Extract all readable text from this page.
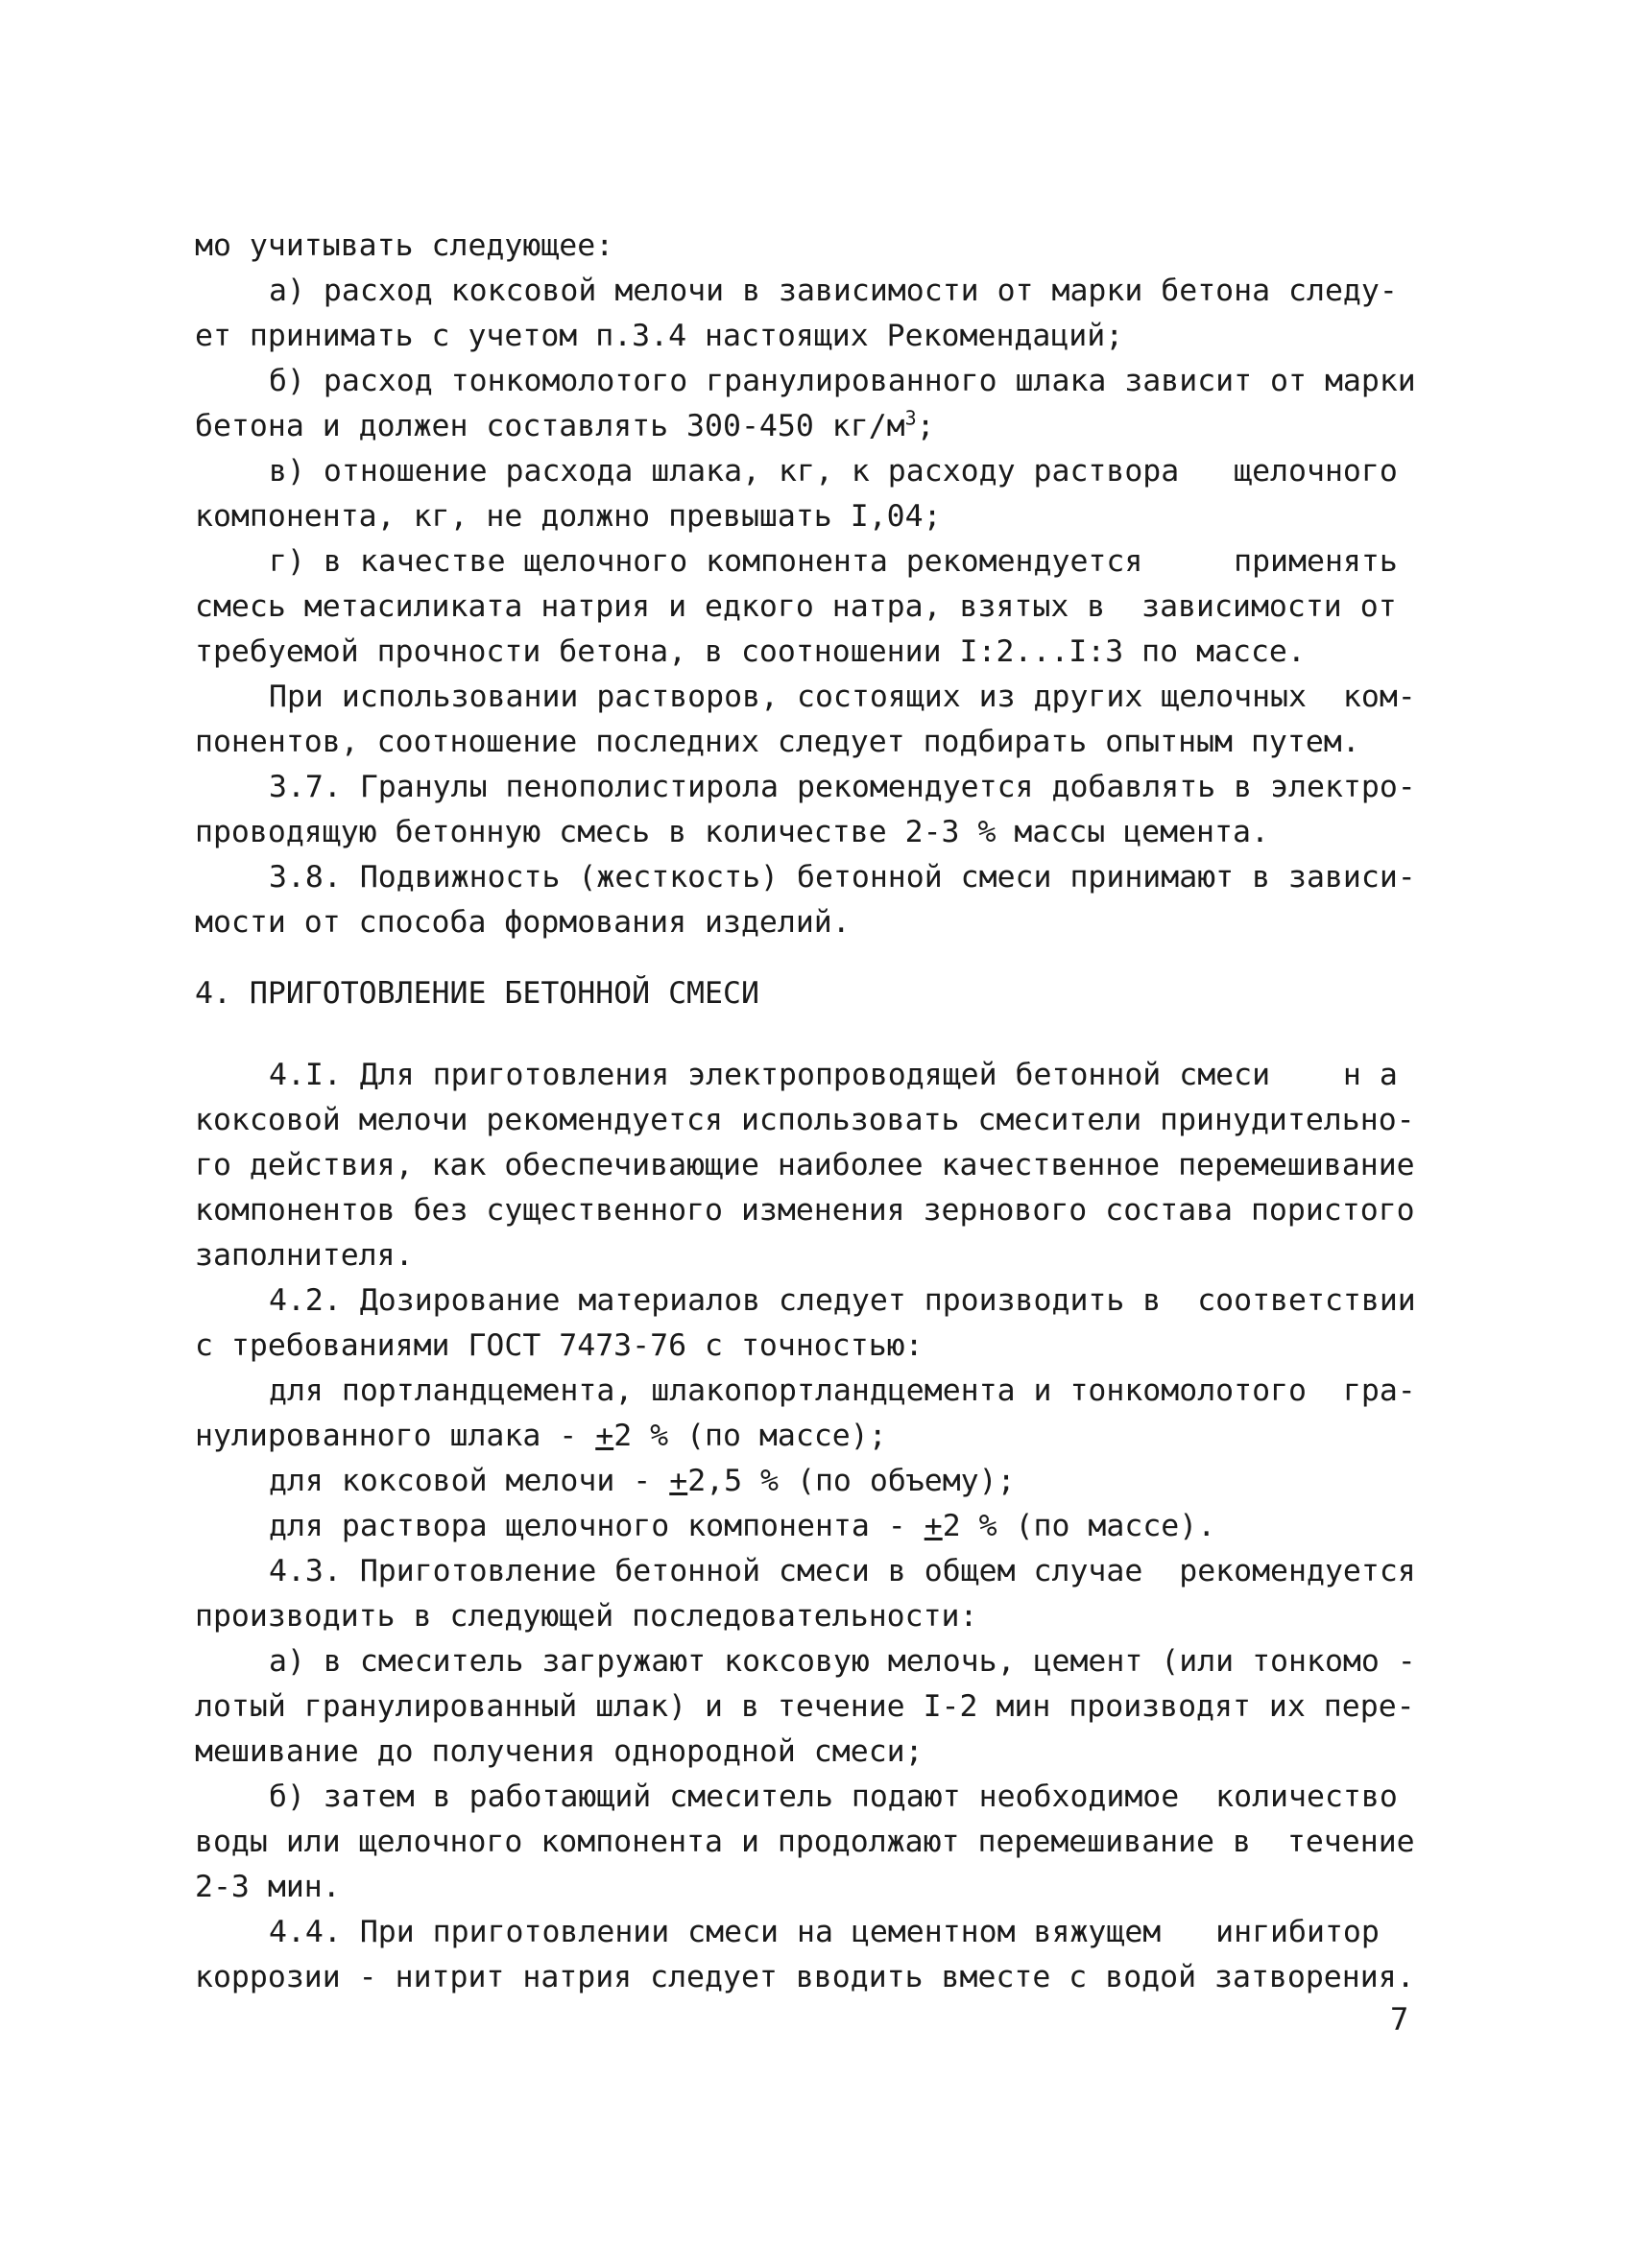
мо учитывать следующее:
а) расход коксовой мелочи в зависимости от марки бетона следу-
ет принимать с учетом п.3.4 настоящих Рекомендаций;
б) расход тонкомолотого гранулированного шлака зависит от марки
бетона и должен составлять 300-450 $кг/м^3$;
в) отношение расхода шлака, кг, к расходу раствора   щелочного
компонента, кг, не должно превышать I,04;
г) в качестве щелочного компонента рекомендуется     применять
смесь метасиликата натрия и едкого натра, взятых в  зависимости от
требуемой прочности бетона, в соотношении I:2...I:3 по массе.
При использовании растворов, состоящих из других щелочных  ком-
понентов, соотношение последних следует подбирать опытным путем.
3.7. Гранулы пенополистирола рекомендуется добавлять в электро-
проводящую бетонную смесь в количестве 2-3 % массы цемента.
3.8. Подвижность (жесткость) бетонной смеси принимают в зависи-
мости от способа формования изделий.
4. ПРИГОТОВЛЕНИЕ БЕТОННОЙ СМЕСИ
4.I. Для приготовления электропроводящей бетонной смеси    н а
коксовой мелочи рекомендуется использовать смесители принудительно-
го действия, как обеспечивающие наиболее качественное перемешивание
компонентов без существенного изменения зернового состава пористого
заполнителя.
4.2. Дозирование материалов следует производить в  соответствии
с требованиями ГОСТ 7473-76 с точностью:
для портландцемента, шлакопортландцемента и тонкомолотого  гра-
нулированного шлака - +2 % (по массе);
для коксовой мелочи - +2,5 % (по объему);
для раствора щелочного компонента - +2 % (по массе).
4.3. Приготовление бетонной смеси в общем случае  рекомендуется
производить в следующей последовательности:
а) в смеситель загружают коксовую мелочь, цемент (или тонкомо -
лотый гранулированный шлак) и в течение I-2 мин производят их пере-
мешивание до получения однородной смеси;
б) затем в работающий смеситель подают необходимое  количество
воды или щелочного компонента и продолжают перемешивание в  течение
2-3 мин.
4.4. При приготовлении смеси на цементном вяжущем   ингибитор
коррозии - нитрит натрия следует вводить вместе с водой затворения.
7
